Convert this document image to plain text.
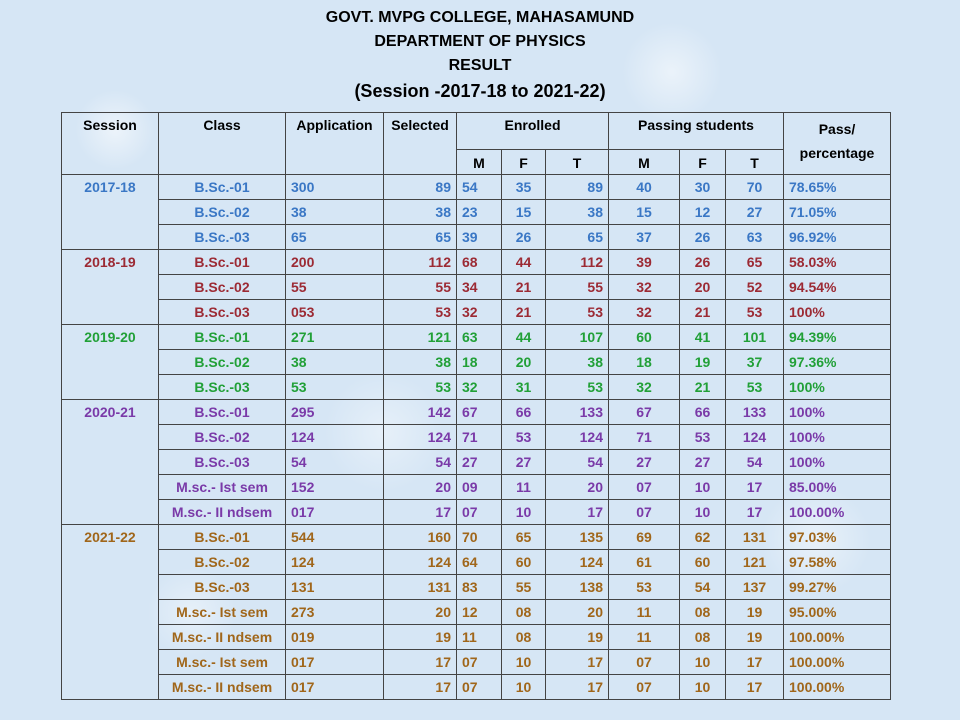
GOVT. MVPG COLLEGE, MAHASAMUND
DEPARTMENT OF PHYSICS
RESULT
(Session -2017-18 to 2021-22)
Session	Class	Application	Selected	Enrolled			Passing students			Pass/ percentage
				M	F	T	M	F	T	
2017-18	B.Sc.-01	300	89	54	35	89	40	30	70	78.65%
	B.Sc.-02	38	38	23	15	38	15	12	27	71.05%
	B.Sc.-03	65	65	39	26	65	37	26	63	96.92%
2018-19	B.Sc.-01	200	112	68	44	112	39	26	65	58.03%
	B.Sc.-02	55	55	34	21	55	32	20	52	94.54%
	B.Sc.-03	053	53	32	21	53	32	21	53	100%
2019-20	B.Sc.-01	271	121	63	44	107	60	41	101	94.39%
	B.Sc.-02	38	38	18	20	38	18	19	37	97.36%
	B.Sc.-03	53	53	32	31	53	32	21	53	100%
2020-21	B.Sc.-01	295	142	67	66	133	67	66	133	100%
	B.Sc.-02	124	124	71	53	124	71	53	124	100%
	B.Sc.-03	54	54	27	27	54	27	27	54	100%
	M.sc.- Ist sem	152	20	09	11	20	07	10	17	85.00%
	M.sc.- II ndsem	017	17	07	10	17	07	10	17	100.00%
2021-22	B.Sc.-01	544	160	70	65	135	69	62	131	97.03%
	B.Sc.-02	124	124	64	60	124	61	60	121	97.58%
	B.Sc.-03	131	131	83	55	138	53	54	137	99.27%
	M.sc.- Ist sem	273	20	12	08	20	11	08	19	95.00%
	M.sc.- II ndsem	019	19	11	08	19	11	08	19	100.00%
	M.sc.- Ist sem	017	17	07	10	17	07	10	17	100.00%
	M.sc.- II ndsem	017	17	07	10	17	07	10	17	100.00%
